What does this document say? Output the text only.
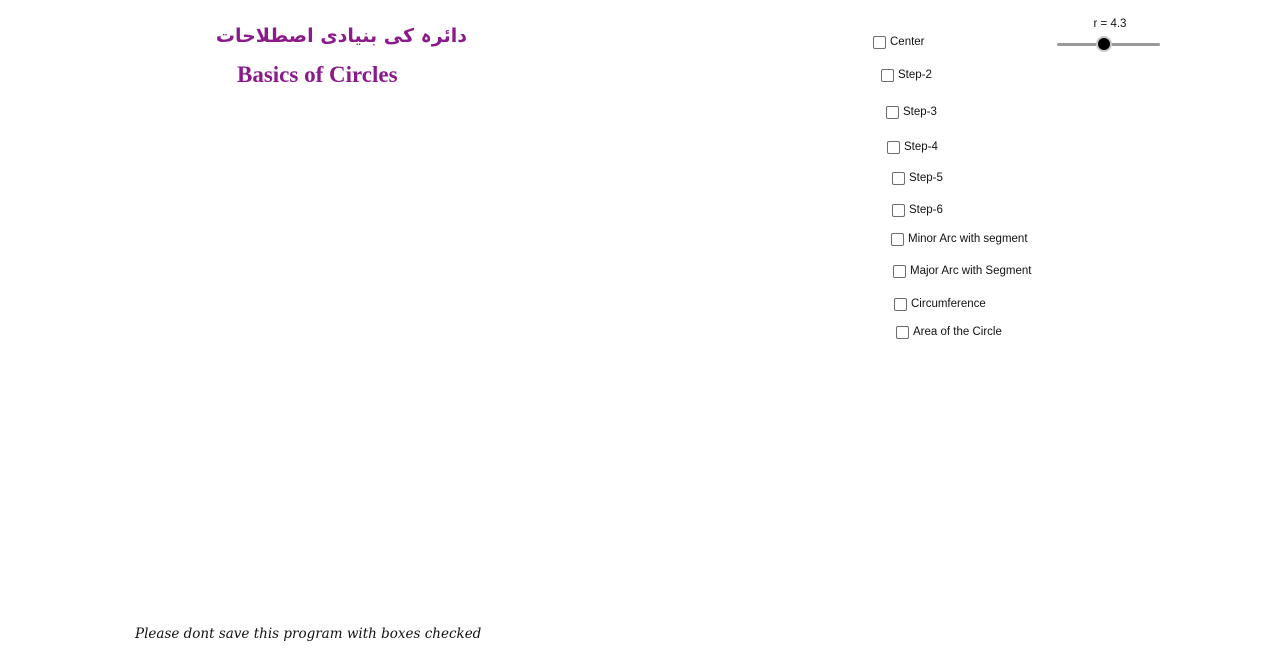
دائرہ کی بنیادی اصطلاحات
Basics of Circles
r = 4.3
Center
Step-2
Step-3
Step-4
Step-5
Step-6
Minor Arc with segment
Major Arc with Segment
Circumference
Area of the Circle
Please dont save this program with boxes checked
